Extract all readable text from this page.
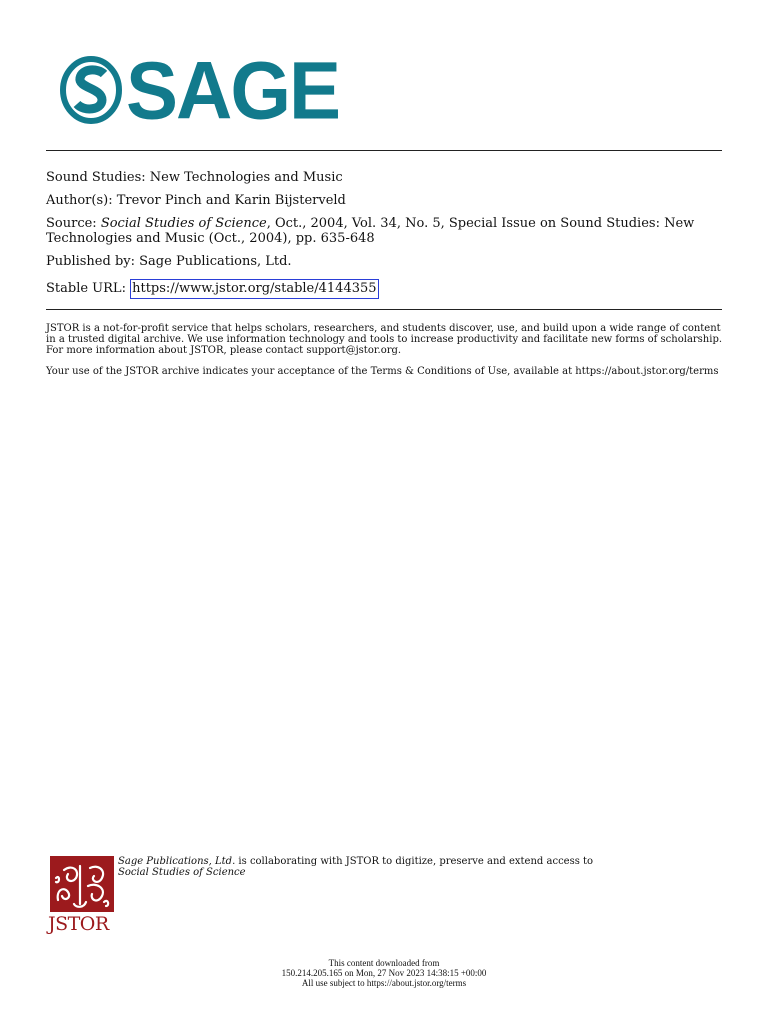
SAGE
Sound Studies: New Technologies and Music
Author(s): Trevor Pinch and Karin Bijsterveld
Source: Social Studies of Science, Oct., 2004, Vol. 34, No. 5, Special Issue on Sound Studies: New Technologies and Music (Oct., 2004), pp. 635-648
Published by: Sage Publications, Ltd.
Stable URL: https://www.jstor.org/stable/4144355
JSTOR is a not-for-profit service that helps scholars, researchers, and students discover, use, and build upon a wide range of content in a trusted digital archive. We use information technology and tools to increase productivity and facilitate new forms of scholarship. For more information about JSTOR, please contact support@jstor.org.
Your use of the JSTOR archive indicates your acceptance of the Terms & Conditions of Use, available at https://about.jstor.org/terms
JSTOR
Sage Publications, Ltd. is collaborating with JSTOR to digitize, preserve and extend access to
Social Studies of Science
This content downloaded from
150.214.205.165 on Mon, 27 Nov 2023 14:38:15 +00:00
All use subject to https://about.jstor.org/terms
